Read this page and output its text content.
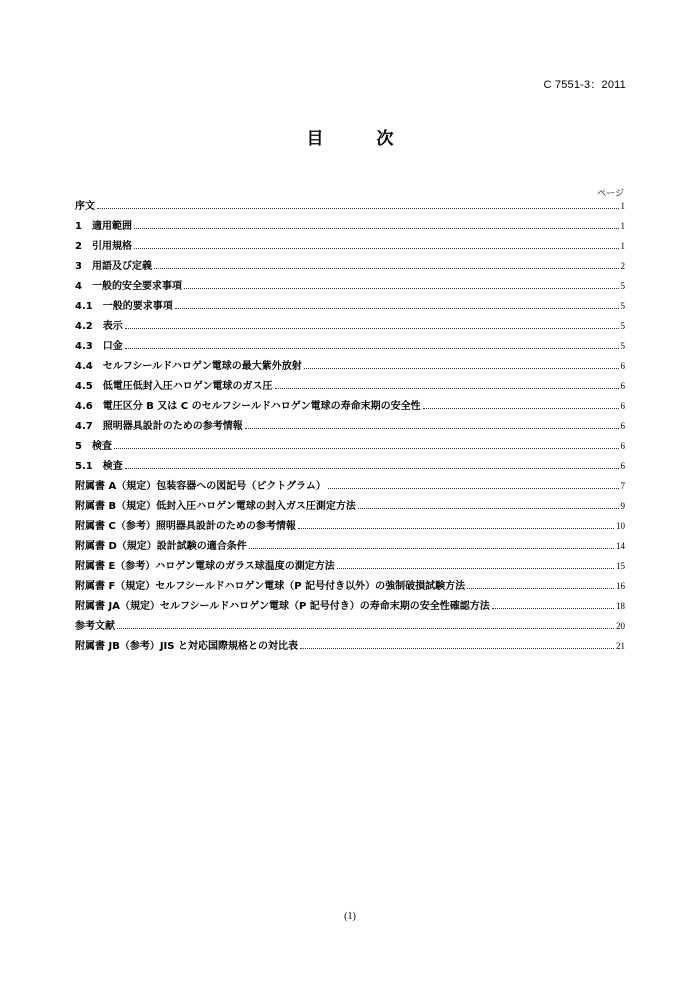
C 7551-3：2011
目　次
ページ
序文	1
1　適用範囲	1
2　引用規格	1
3　用語及び定義	2
4　一般的安全要求事項	5
4.1　一般的要求事項	5
4.2　表示	5
4.3　口金	5
4.4　セルフシールドハロゲン電球の最大紫外放射	6
4.5　低電圧低封入圧ハロゲン電球のガス圧	6
4.6　電圧区分 B 又は C のセルフシールドハロゲン電球の寿命末期の安全性	6
4.7　照明器具設計のための参考情報	6
5　検査	6
5.1　検査	6
附属書 A（規定）包装容器への図記号（ピクトグラム）	7
附属書 B（規定）低封入圧ハロゲン電球の封入ガス圧測定方法	9
附属書 C（参考）照明器具設計のための参考情報	10
附属書 D（規定）設計試験の適合条件	14
附属書 E（参考）ハロゲン電球のガラス球温度の測定方法	15
附属書 F（規定）セルフシールドハロゲン電球（P 記号付き以外）の強制破損試験方法	16
附属書 JA（規定）セルフシールドハロゲン電球（P 記号付き）の寿命末期の安全性確認方法	18
参考文献	20
附属書 JB（参考）JIS と対応国際規格との対比表	21
(1)
